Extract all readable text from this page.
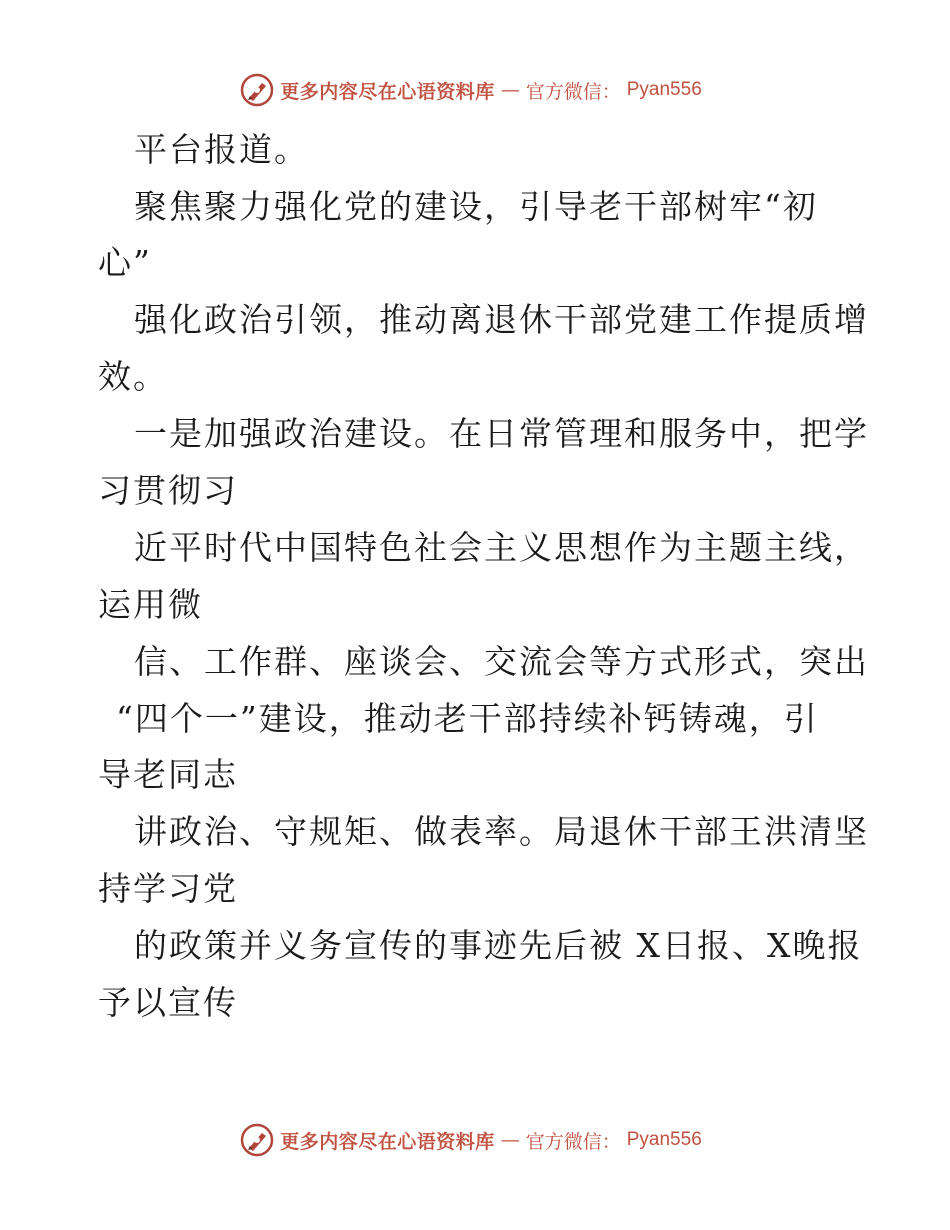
更多内容尽在心语资料库 — 官方微信： Pyan556
平台报道。
聚焦聚力强化党的建设，引导老干部树牢“初
心”
强化政治引领，推动离退休干部党建工作提质增
效。
一是加强政治建设。在日常管理和服务中，把学
习贯彻习
近平时代中国特色社会主义思想作为主题主线，
运用微
信、工作群、座谈会、交流会等方式形式，突出
“四个一”建设，推动老干部持续补钙铸魂，引
导老同志
讲政治、守规矩、做表率。局退休干部王洪清坚
持学习党
的政策并义务宣传的事迹先后被 X日报、X晚报
予以宣传
更多内容尽在心语资料库 — 官方微信： Pyan556
